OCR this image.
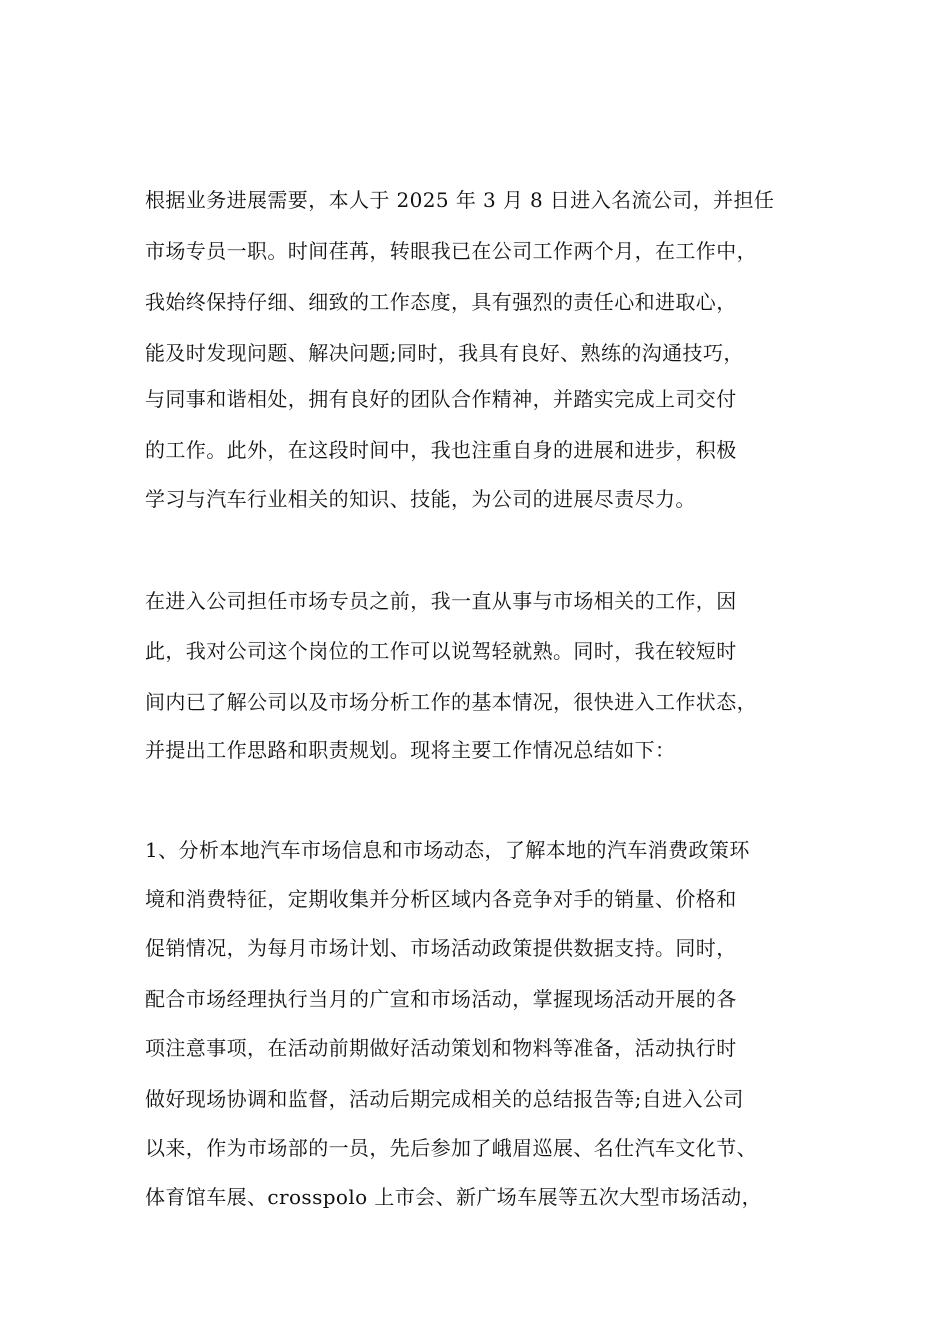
根据业务进展需要，本人于 2025 年 3 月 8 日进入名流公司，并担任
市场专员一职。时间荏苒，转眼我已在公司工作两个月，在工作中，
我始终保持仔细、细致的工作态度，具有强烈的责任心和进取心，
能及时发现问题、解决问题;同时，我具有良好、熟练的沟通技巧，
与同事和谐相处，拥有良好的团队合作精神，并踏实完成上司交付
的工作。此外，在这段时间中，我也注重自身的进展和进步，积极
学习与汽车行业相关的知识、技能，为公司的进展尽责尽力。
在进入公司担任市场专员之前，我一直从事与市场相关的工作，因
此，我对公司这个岗位的工作可以说驾轻就熟。同时，我在较短时
间内已了解公司以及市场分析工作的基本情况，很快进入工作状态，
并提出工作思路和职责规划。现将主要工作情况总结如下：
1、分析本地汽车市场信息和市场动态，了解本地的汽车消费政策环
境和消费特征，定期收集并分析区域内各竞争对手的销量、价格和
促销情况，为每月市场计划、市场活动政策提供数据支持。同时，
配合市场经理执行当月的广宣和市场活动，掌握现场活动开展的各
项注意事项，在活动前期做好活动策划和物料等准备，活动执行时
做好现场协调和监督，活动后期完成相关的总结报告等;自进入公司
以来，作为市场部的一员，先后参加了峨眉巡展、名仕汽车文化节、
体育馆车展、crosspolo 上市会、新广场车展等五次大型市场活动，
